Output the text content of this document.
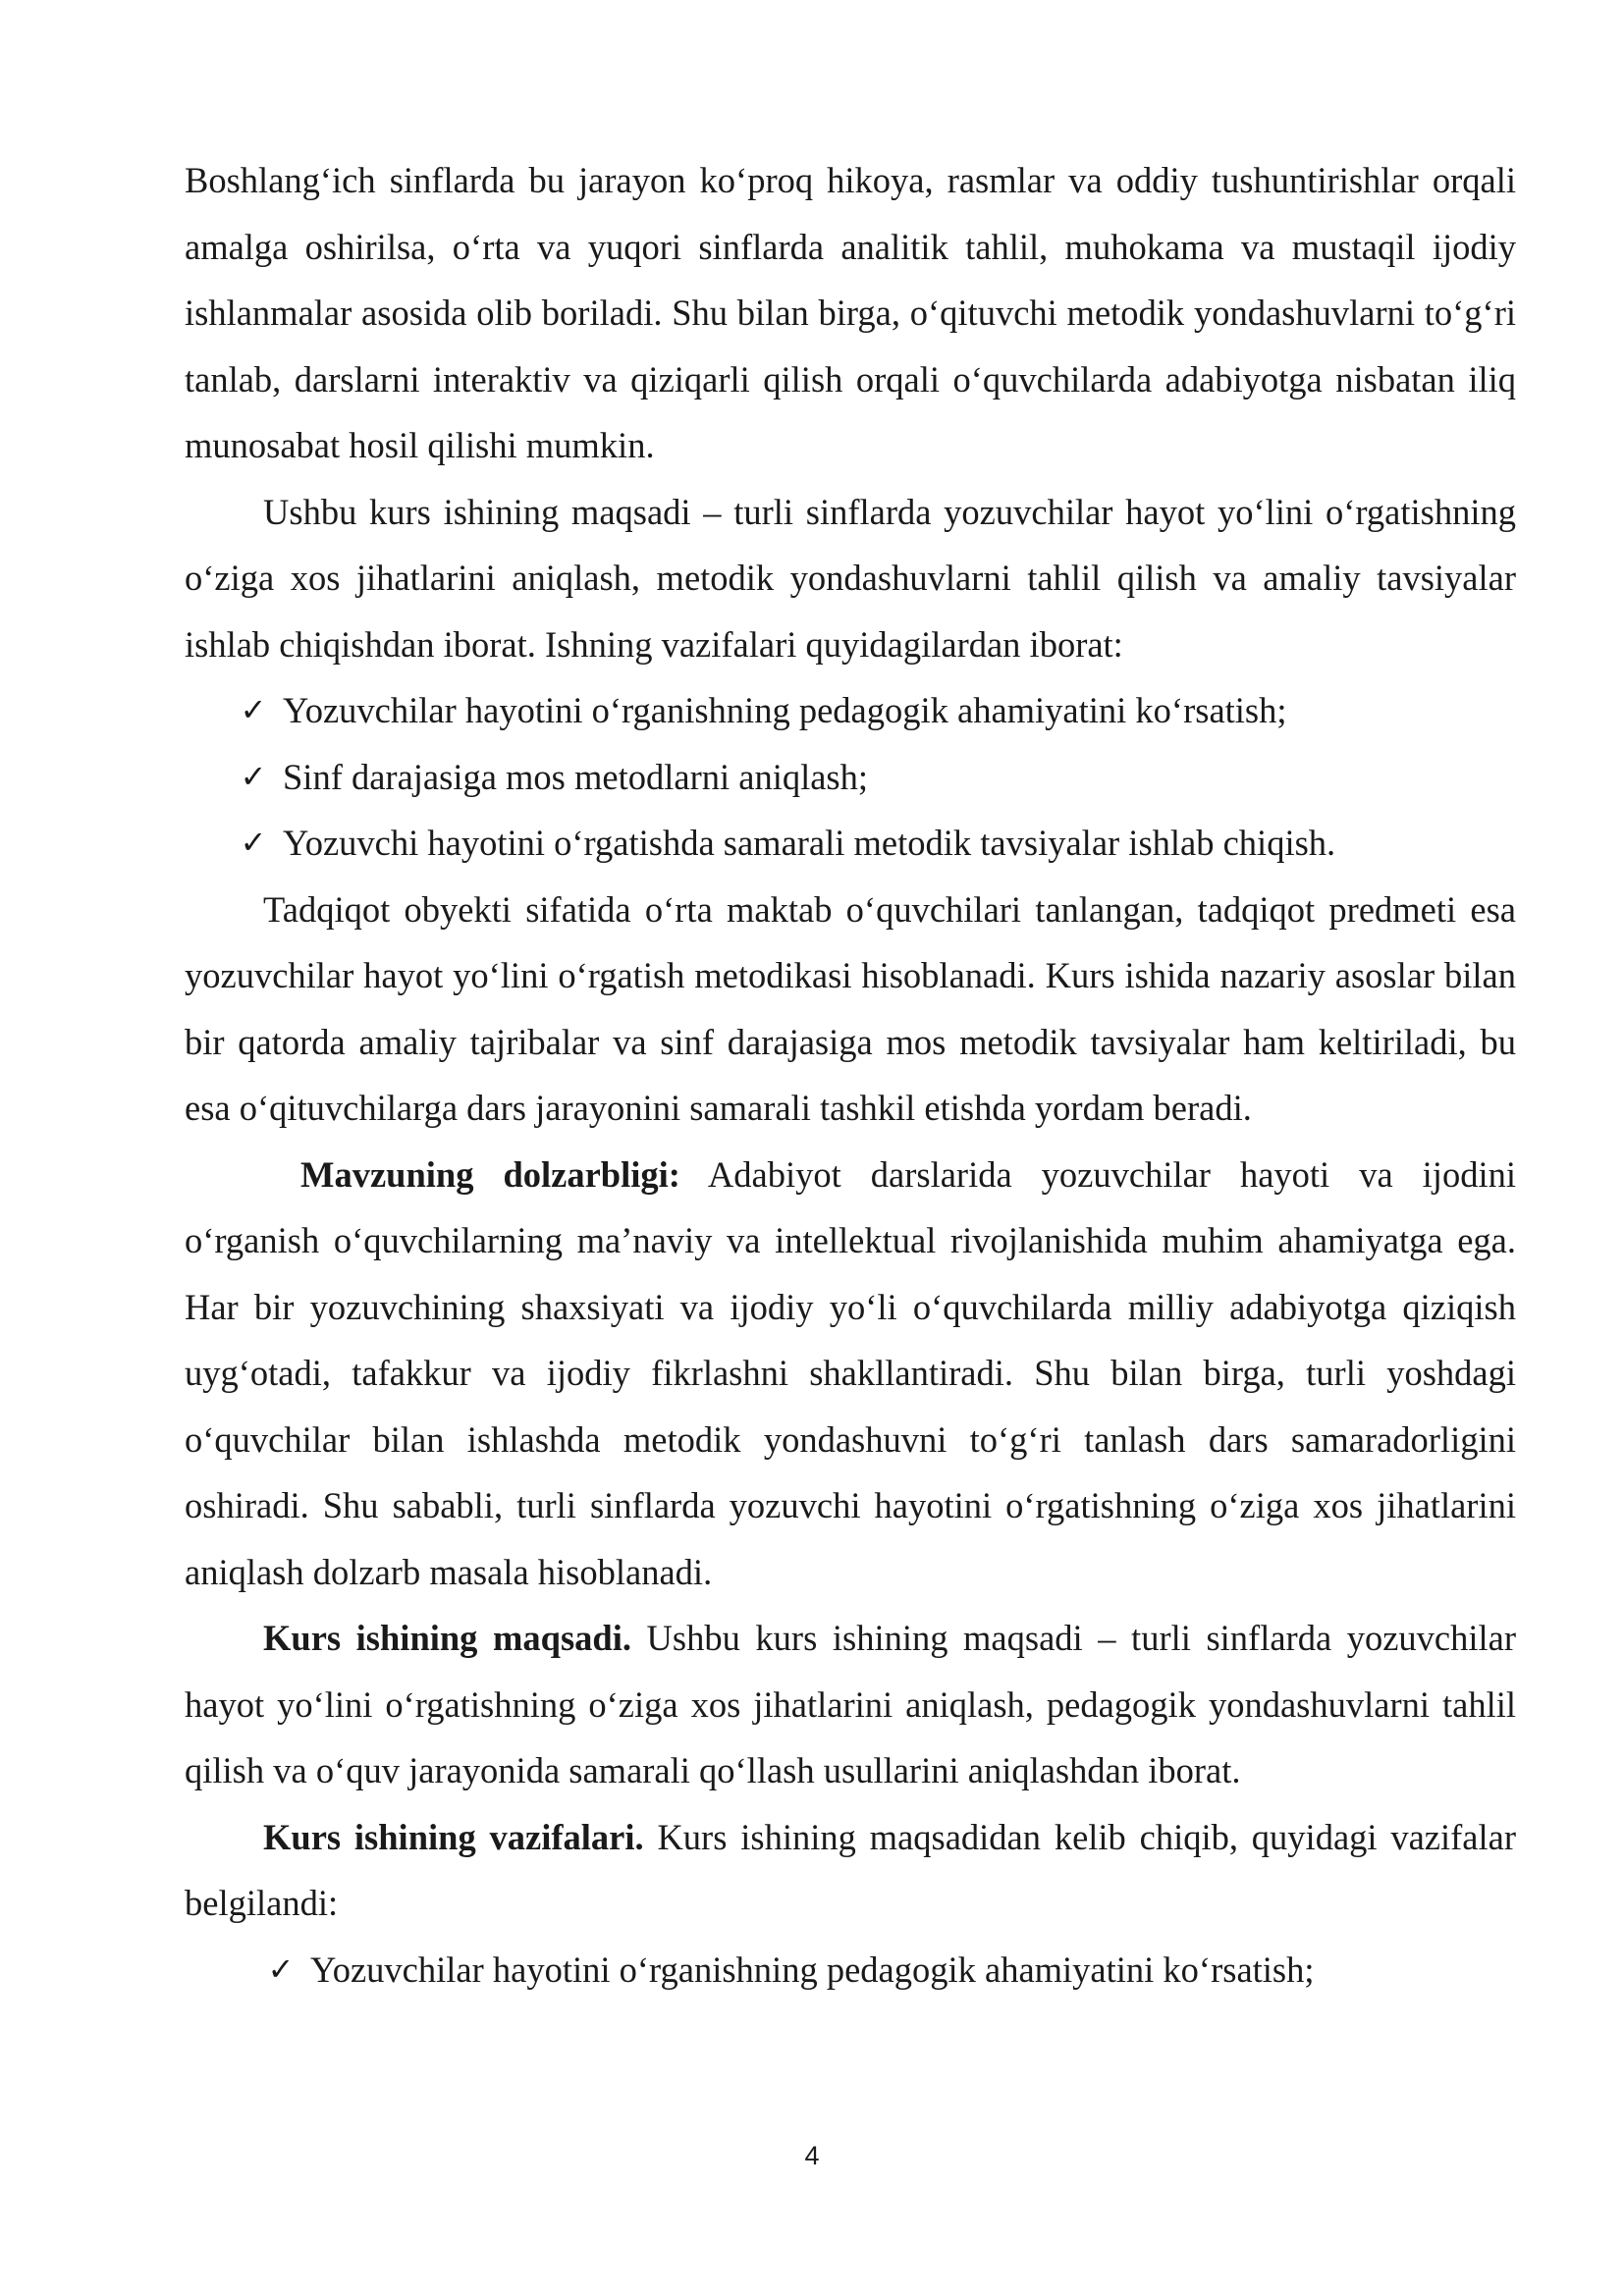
Boshlang‘ich sinflarda bu jarayon ko‘proq hikoya, rasmlar va oddiy tushuntirishlar orqali amalga oshirilsa, o‘rta va yuqori sinflarda analitik tahlil, muhokama va mustaqil ijodiy ishlanmalar asosida olib boriladi. Shu bilan birga, o‘qituvchi metodik yondashuvlarni to‘g‘ri tanlab, darslarni interaktiv va qiziqarli qilish orqali o‘quvchilarda adabiyotga nisbatan iliq munosabat hosil qilishi mumkin.

Ushbu kurs ishining maqsadi – turli sinflarda yozuvchilar hayot yo‘lini o‘rgatishning o‘ziga xos jihatlarini aniqlash, metodik yondashuvlarni tahlil qilish va amaliy tavsiyalar ishlab chiqishdan iborat. Ishning vazifalari quyidagilardan iborat:

✓ Yozuvchilar hayotini o‘rganishning pedagogik ahamiyatini ko‘rsatish;
✓ Sinf darajasiga mos metodlarni aniqlash;
✓ Yozuvchi hayotini o‘rgatishda samarali metodik tavsiyalar ishlab chiqish.

Tadqiqot obyekti sifatida o‘rta maktab o‘quvchilari tanlangan, tadqiqot predmeti esa yozuvchilar hayot yo‘lini o‘rgatish metodikasi hisoblanadi. Kurs ishida nazariy asoslar bilan bir qatorda amaliy tajribalar va sinf darajasiga mos metodik tavsiyalar ham keltiriladi, bu esa o‘qituvchilarga dars jarayonini samarali tashkil etishda yordam beradi.

Mavzuning dolzarbligi: Adabiyot darslarida yozuvchilar hayoti va ijodini o‘rganish o‘quvchilarning ma’naviy va intellektual rivojlanishida muhim ahamiyatga ega. Har bir yozuvchining shaxsiyati va ijodiy yo‘li o‘quvchilarda milliy adabiyotga qiziqish uyg‘otadi, tafakkur va ijodiy fikrlashni shakllantiradi. Shu bilan birga, turli yoshdagi o‘quvchilar bilan ishlashda metodik yondashuvni to‘g‘ri tanlash dars samaradorligini oshiradi. Shu sababli, turli sinflarda yozuvchi hayotini o‘rgatishning o‘ziga xos jihatlarini aniqlash dolzarb masala hisoblanadi.

Kurs ishining maqsadi. Ushbu kurs ishining maqsadi – turli sinflarda yozuvchilar hayot yo‘lini o‘rgatishning o‘ziga xos jihatlarini aniqlash, pedagogik yondashuvlarni tahlil qilish va o‘quv jarayonida samarali qo‘llash usullarini aniqlashdan iborat.

Kurs ishining vazifalari. Kurs ishining maqsadidan kelib chiqib, quyidagi vazifalar belgilandi:

✓ Yozuvchilar hayotini o‘rganishning pedagogik ahamiyatini ko‘rsatish;
4
